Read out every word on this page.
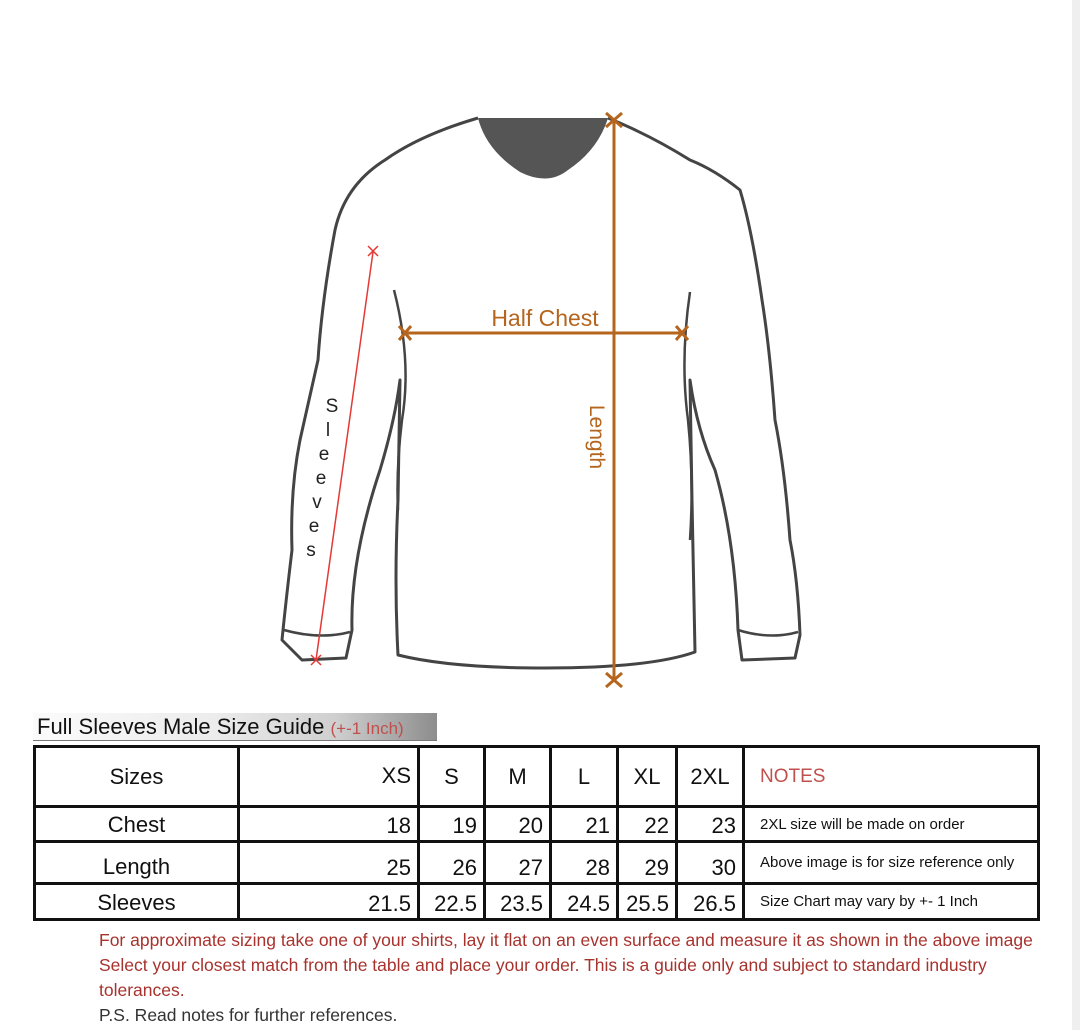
Length
Half Chest
S
l
e
e
v
e
s
Full Sleeves Male Size Guide (+-1 Inch)
Sizes	XS	S	M	L	XL	2XL	NOTES
Chest	18	19	20	21	22	23	2XL size will be made on order
Length	25	26	27	28	29	30	Above image is for size reference only
Sleeves	21.5	22.5	23.5	24.5	25.5	26.5	Size Chart may vary by +- 1 Inch
For approximate sizing take one of your shirts, lay it flat on an even surface and measure it as shown in the above image Select your closest match from the table and place your order. This is a guide only and subject to standard industry tolerances.
P.S. Read notes for further references.
